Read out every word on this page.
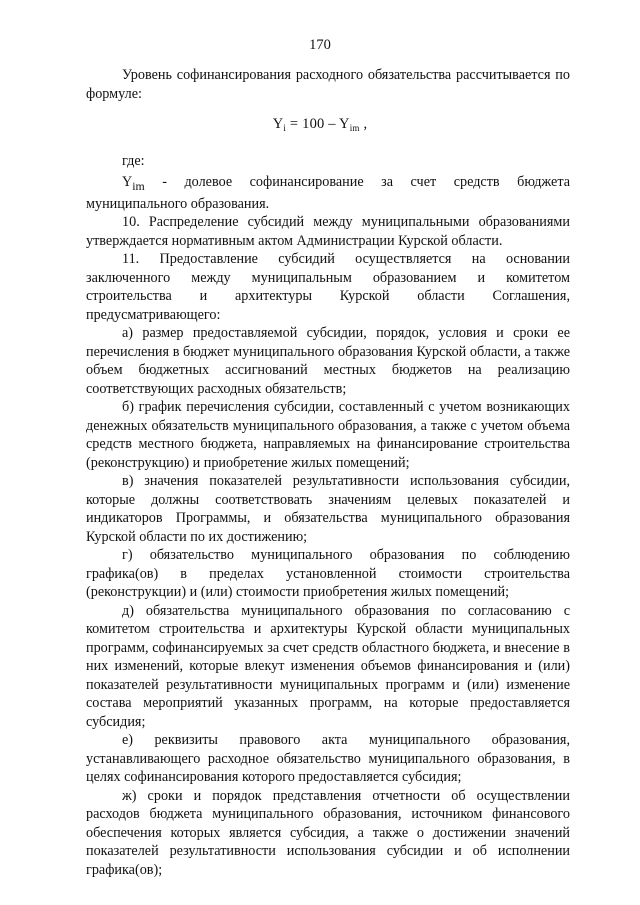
170

Уровень софинансирования расходного обязательства рассчитывается по формуле:

$Y_i = 100 - Y_{im}$ ,

где:

$Y_{im}$ - долевое софинансирование за счет средств бюджета муниципального образования.

10. Распределение субсидий между муниципальными образованиями утверждается нормативным актом Администрации Курской области.

11. Предоставление субсидий осуществляется на основании заключенного между муниципальным образованием и комитетом строительства и архитектуры Курской области Соглашения, предусматривающего:

а) размер предоставляемой субсидии, порядок, условия и сроки ее перечисления в бюджет муниципального образования Курской области, а также объем бюджетных ассигнований местных бюджетов на реализацию соответствующих расходных обязательств;

б) график перечисления субсидии, составленный с учетом возникающих денежных обязательств муниципального образования, а также с учетом объема средств местного бюджета, направляемых на финансирование строительства (реконструкцию) и приобретение жилых помещений;

в) значения показателей результативности использования субсидии, которые должны соответствовать значениям целевых показателей и индикаторов Программы, и обязательства муниципального образования Курской области по их достижению;

г) обязательство муниципального образования по соблюдению графика(ов) в пределах установленной стоимости строительства (реконструкции) и (или) стоимости приобретения жилых помещений;

д) обязательства муниципального образования по согласованию с комитетом строительства и архитектуры Курской области муниципальных программ, софинансируемых за счет средств областного бюджета, и внесение в них изменений, которые влекут изменения объемов финансирования и (или) показателей результативности муниципальных программ и (или) изменение состава мероприятий указанных программ, на которые предоставляется субсидия;

е) реквизиты правового акта муниципального образования, устанавливающего расходное обязательство муниципального образования, в целях софинансирования которого предоставляется субсидия;

ж) сроки и порядок представления отчетности об осуществлении расходов бюджета муниципального образования, источником финансового обеспечения которых является субсидия, а также о достижении значений показателей результативности использования субсидии и об исполнении графика(ов);
